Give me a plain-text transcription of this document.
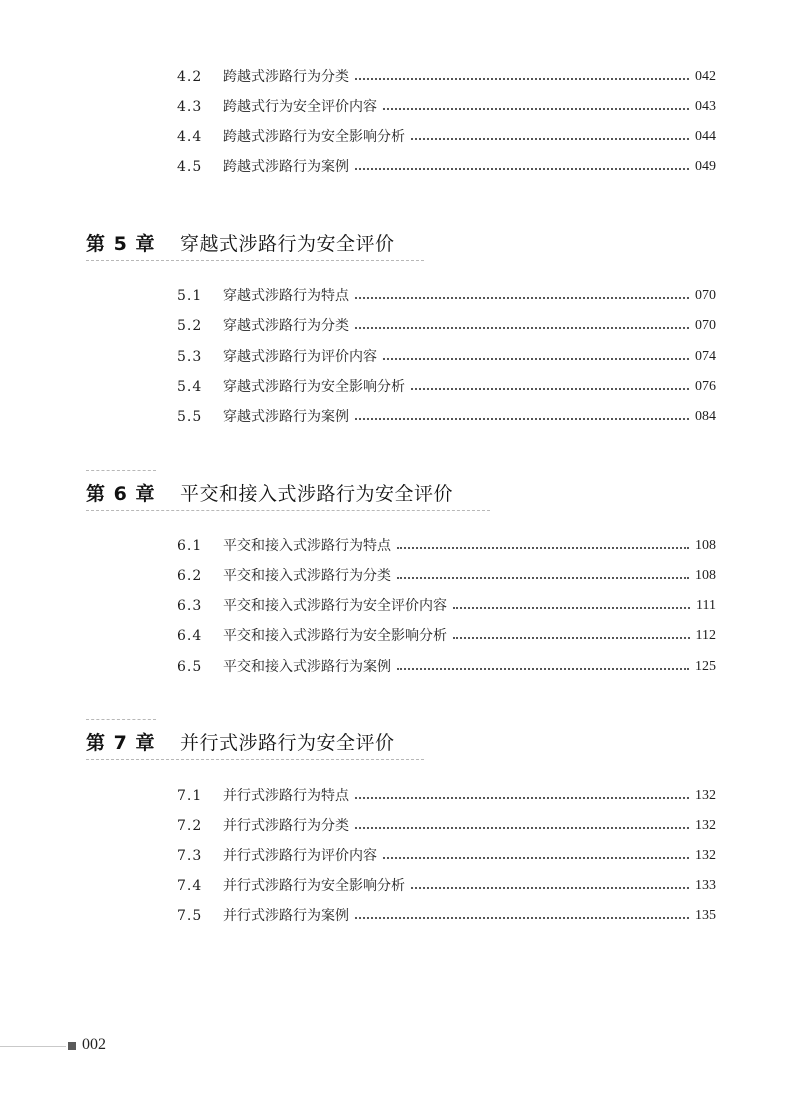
4.2	跨越式涉路行为分类	042
4.3	跨越式行为安全评价内容	043
4.4	跨越式涉路行为安全影响分析	044
4.5	跨越式涉路行为案例	049
第 5 章	穿越式涉路行为安全评价
5.1	穿越式涉路行为特点	070
5.2	穿越式涉路行为分类	070
5.3	穿越式涉路行为评价内容	074
5.4	穿越式涉路行为安全影响分析	076
5.5	穿越式涉路行为案例	084
第 6 章	平交和接入式涉路行为安全评价
6.1	平交和接入式涉路行为特点	108
6.2	平交和接入式涉路行为分类	108
6.3	平交和接入式涉路行为安全评价内容	111
6.4	平交和接入式涉路行为安全影响分析	112
6.5	平交和接入式涉路行为案例	125
第 7 章	并行式涉路行为安全评价
7.1	并行式涉路行为特点	132
7.2	并行式涉路行为分类	132
7.3	并行式涉路行为评价内容	132
7.4	并行式涉路行为安全影响分析	133
7.5	并行式涉路行为案例	135
002
